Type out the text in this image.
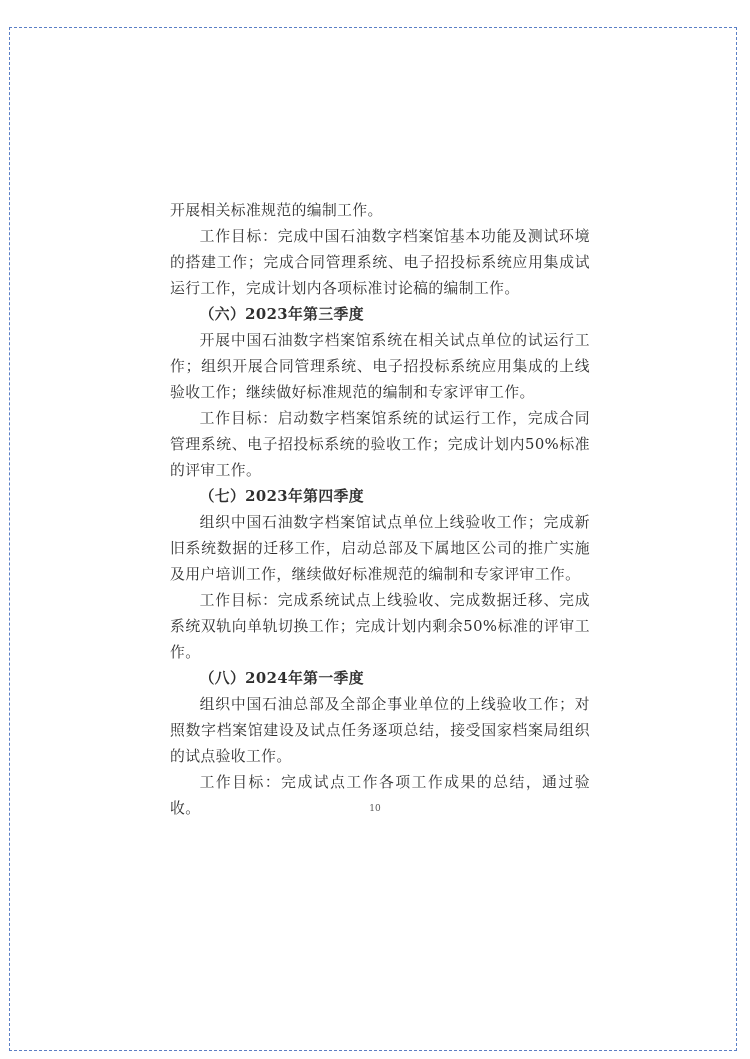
开展相关标准规范的编制工作。

工作目标：完成中国石油数字档案馆基本功能及测试环境的搭建工作；完成合同管理系统、电子招投标系统应用集成试运行工作，完成计划内各项标准讨论稿的编制工作。

（六）2023年第三季度

开展中国石油数字档案馆系统在相关试点单位的试运行工作；组织开展合同管理系统、电子招投标系统应用集成的上线验收工作；继续做好标准规范的编制和专家评审工作。

工作目标：启动数字档案馆系统的试运行工作，完成合同管理系统、电子招投标系统的验收工作；完成计划内50%标准的评审工作。

（七）2023年第四季度

组织中国石油数字档案馆试点单位上线验收工作；完成新旧系统数据的迁移工作，启动总部及下属地区公司的推广实施及用户培训工作，继续做好标准规范的编制和专家评审工作。

工作目标：完成系统试点上线验收、完成数据迁移、完成系统双轨向单轨切换工作；完成计划内剩余50%标准的评审工作。

（八）2024年第一季度

组织中国石油总部及全部企事业单位的上线验收工作；对照数字档案馆建设及试点任务逐项总结，接受国家档案局组织的试点验收工作。

工作目标：完成试点工作各项工作成果的总结，通过验收。	10
